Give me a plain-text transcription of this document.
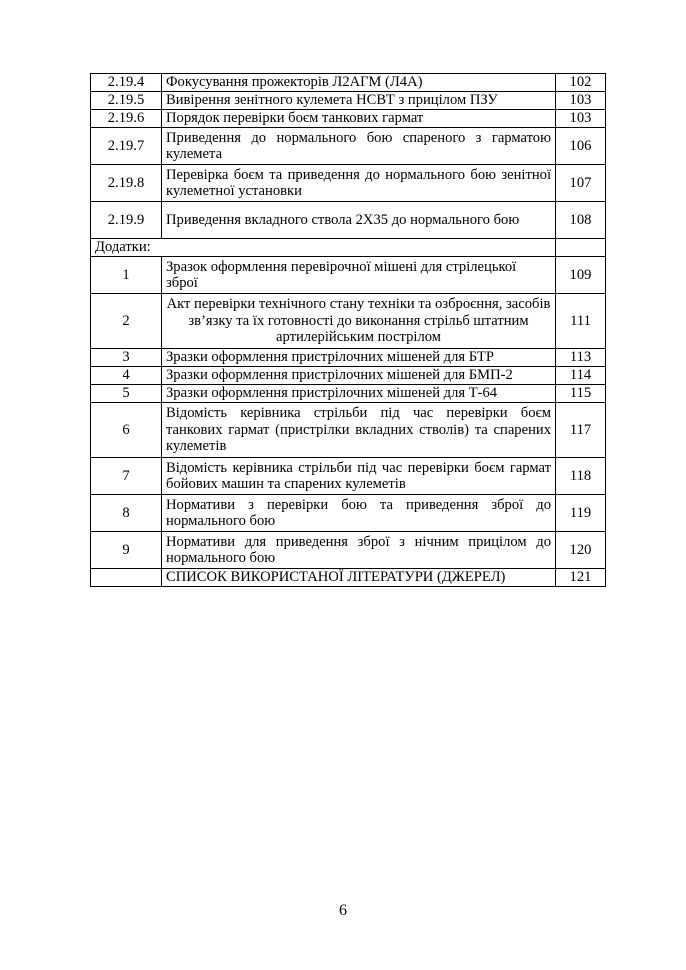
2.19.4	Фокусування прожекторів Л2АГМ (Л4А)	102
2.19.5	Вивірення зенітного кулемета НСВТ з прицілом ПЗУ	103
2.19.6	Порядок перевірки боєм танкових гармат	103
2.19.7	Приведення до нормального бою спареного з гарматою кулемета	106
2.19.8	Перевірка боєм та приведення до нормального бою зенітної кулеметної установки	107
2.19.9	Приведення вкладного ствола 2Х35 до нормального бою	108
Додатки:		
1	Зразок оформлення перевірочної мішені для стрілецької зброї	109
2	Акт перевірки технічного стану техніки та озброєння, засобів зв’язку та їх готовності до виконання стрільб штатним артилерійським пострілом	111
3	Зразки оформлення пристрілочних мішеней для БТР	113
4	Зразки оформлення пристрілочних мішеней для БМП-2	114
5	Зразки оформлення пристрілочних мішеней для Т-64	115
6	Відомість керівника стрільби під час перевірки боєм танкових гармат (пристрілки вкладних стволів) та спарених кулеметів	117
7	Відомість керівника стрільби під час перевірки боєм гармат бойових машин та спарених кулеметів	118
8	Нормативи з перевірки бою та приведення зброї до нормального бою	119
9	Нормативи для приведення зброї з нічним прицілом до нормального бою	120
	СПИСОК ВИКОРИСТАНОЇ ЛІТЕРАТУРИ (ДЖЕРЕЛ)	121
6
